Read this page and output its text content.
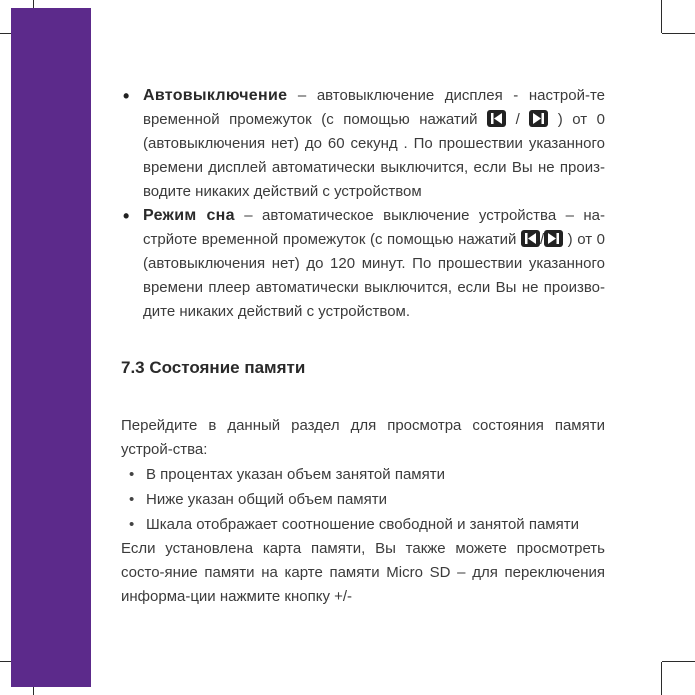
• Автовыключение – автовыключение дисплея - настрой-те временной промежуток (с помощью нажатий
/
) от 0 (автовыключения нет) до 60 секунд . По прошествии указанного времени дисплей автоматически выключится, если Вы не произ-водите никаких действий с устройством
• Режим сна – автоматическое выключение устройства – на-стрйоте временной промежуток (с помощью нажатий
/
) от 0 (автовыключения нет) до 120 минут. По прошествии указанного времени плеер автоматически выключится, если Вы не произво-дите никаких действий с устройством.
7.3 Состояние памяти
Перейдите в данный раздел для просмотра состояния памяти устрой-ства:
• В процентах указан объем занятой памяти
• Ниже указан общий объем памяти
• Шкала отображает соотношение свободной и занятой памяти
Если установлена карта памяти, Вы также можете просмотреть состо-яние памяти на карте памяти Micro SD – для переключения информа-ции нажмите кнопку +/-
